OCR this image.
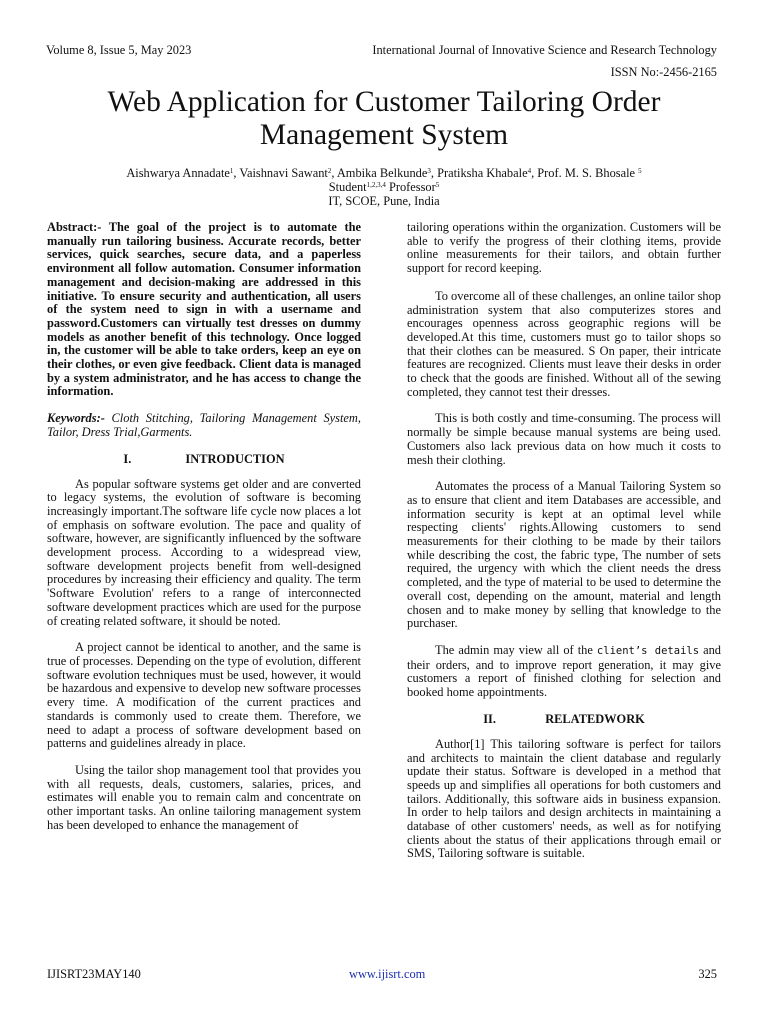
Volume 8, Issue 5, May 2023	International Journal of Innovative Science and Research Technology
ISSN No:-2456-2165
Web Application for Customer Tailoring Order Management System
Aishwarya Annadate$^1$, Vaishnavi Sawant$^2$, Ambika Belkunde$^3$, Pratiksha Khabale$^4$, Prof. M. S. Bhosale $^5$
Student$^{1,2,3,4}$ Professor$^5$
IT, SCOE, Pune, India

Abstract:- The goal of the project is to automate the manually run tailoring business. Accurate records, better services, quick searches, secure data, and a paperless environment all follow automation. Consumer information management and decision-making are addressed in this initiative. To ensure security and authentication, all users of the system need to sign in with a username and password.Customers can virtually test dresses on dummy models as another benefit of this technology. Once logged in, the customer will be able to take orders, keep an eye on their clothes, or even give feedback. Client data is managed by a system administrator, and he has access to change the information.

Keywords:- Cloth Stitching, Tailoring Management System, Tailor, Dress Trial,Garments.

I.	INTRODUCTION

As popular software systems get older and are converted to legacy systems, the evolution of software is becoming increasingly important.The software life cycle now places a lot of emphasis on software evolution. The pace and quality of software, however, are significantly influenced by the software development process. According to a widespread view, software development projects benefit from well-designed procedures by increasing their efficiency and quality. The term 'Software Evolution' refers to a range of interconnected software development practices which are used for the purpose of creating related software, it should be noted.

A project cannot be identical to another, and the same is true of processes. Depending on the type of evolution, different software evolution techniques must be used, however, it would be hazardous and expensive to develop new software processes every time. A modification of the current practices and standards is commonly used to create them. Therefore, we need to adapt a process of software development based on patterns and guidelines already in place.

Using the tailor shop management tool that provides you with all requests, deals, customers, salaries, prices, and estimates will enable you to remain calm and concentrate on other important tasks. An online tailoring management system has been developed to enhance the management of

tailoring operations within the organization. Customers will be able to verify the progress of their clothing items, provide online measurements for their tailors, and obtain further support for record keeping.

To overcome all of these challenges, an online tailor shop administration system that also computerizes stores and encourages openness across geographic regions will be developed.At this time, customers must go to tailor shops so that their clothes can be measured. S On paper, their intricate features are recognized. Clients must leave their desks in order to check that the goods are finished. Without all of the sewing completed, they cannot test their dresses.

This is both costly and time-consuming. The process will normally be simple because manual systems are being used. Customers also lack previous data on how much it costs to mesh their clothing.

Automates the process of a Manual Tailoring System so as to ensure that client and item Databases are accessible, and information security is kept at an optimal level while respecting clients' rights.Allowing customers to send measurements for their clothing to be made by their tailors while describing the cost, the fabric type, The number of sets required, the urgency with which the client needs the dress completed, and the type of material to be used to determine the overall cost, depending on the amount, material and length chosen and to make money by selling that knowledge to the purchaser.

The admin may view all of the client’s details and their orders, and to improve report generation, it may give customers a report of finished clothing for selection and booked home appointments.

II.	RELATEDWORK

Author[1] This tailoring software is perfect for tailors and architects to maintain the client database and regularly update their status. Software is developed in a method that speeds up and simplifies all operations for both customers and tailors. Additionally, this software aids in business expansion. In order to help tailors and design architects in maintaining a database of other customers' needs, as well as for notifying clients about the status of their applications through email or SMS, Tailoring software is suitable.

IJISRT23MAY140	www.ijisrt.com	325
